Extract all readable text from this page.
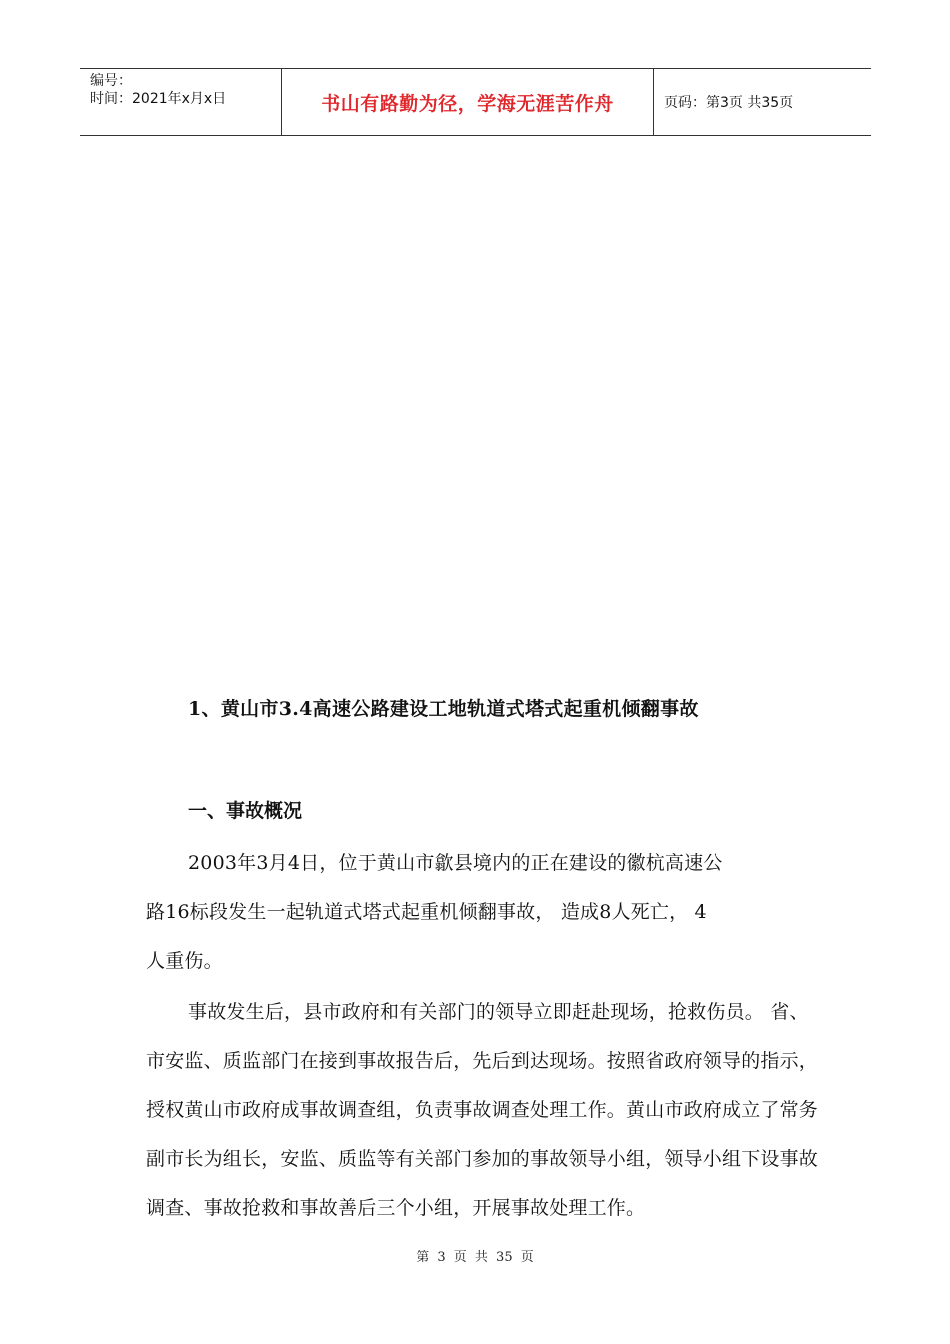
编号：
时间：2021年x月x日	书山有路勤为径，学海无涯苦作舟	页码：第3页 共35页
1、黄山市3.4高速公路建设工地轨道式塔式起重机倾翻事故
一、事故概况
2003年3月4日，位于黄山市歙县境内的正在建设的徽杭高速公
路16标段发生一起轨道式塔式起重机倾翻事故， 造成8人死亡， 4
人重伤。
事故发生后，县市政府和有关部门的领导立即赶赴现场，抢救伤员。 省、
市安监、质监部门在接到事故报告后，先后到达现场。按照省政府领导的指示，
授权黄山市政府成事故调查组，负责事故调查处理工作。黄山市政府成立了常务
副市长为组长，安监、质监等有关部门参加的事故领导小组，领导小组下设事故
调查、事故抢救和事故善后三个小组，开展事故处理工作。
第 3 页 共 35 页
